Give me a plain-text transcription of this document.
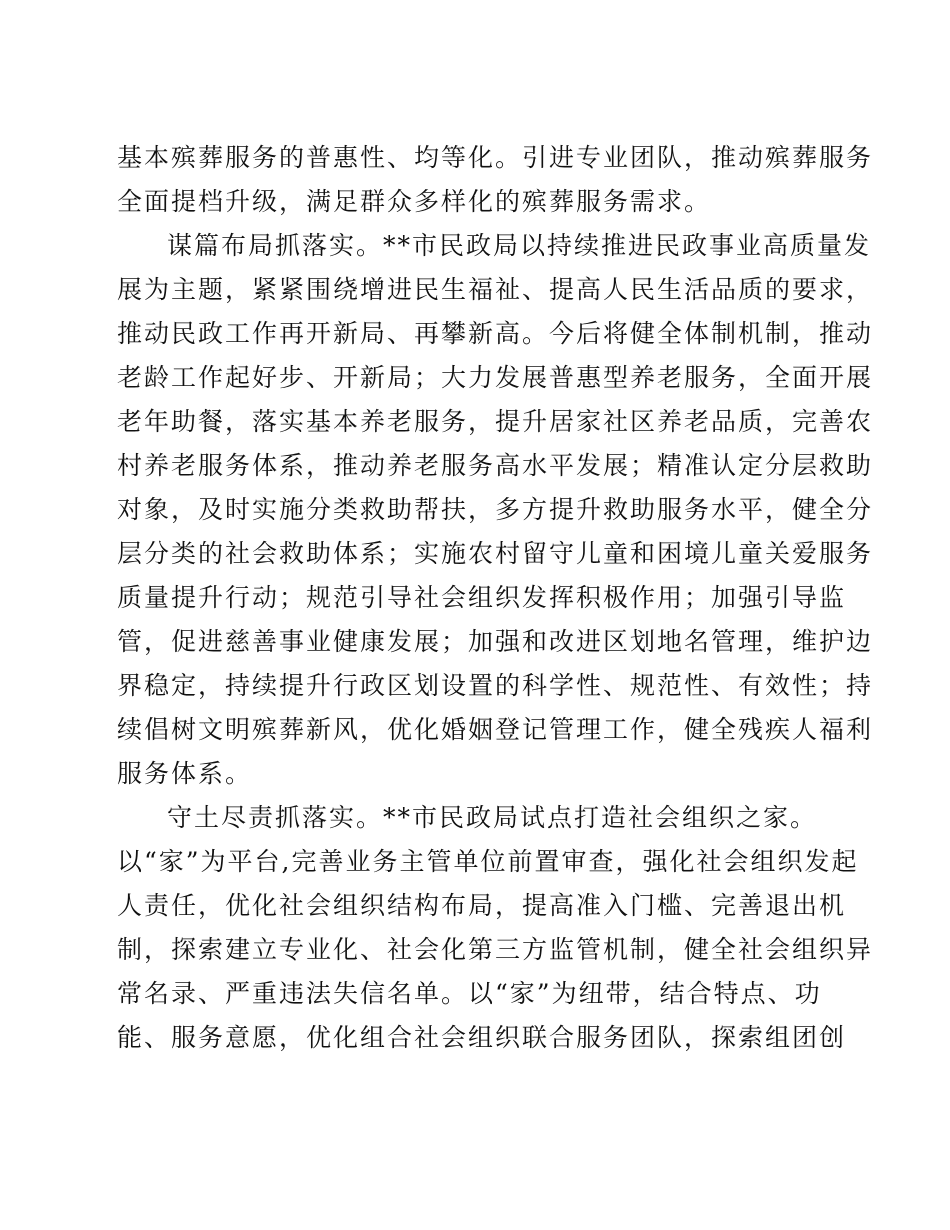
基本殡葬服务的普惠性、均等化。引进专业团队，推动殡葬服务

全面提档升级，满足群众多样化的殡葬服务需求。

谋篇布局抓落实。**市民政局以持续推进民政事业高质量发

展为主题，紧紧围绕增进民生福祉、提高人民生活品质的要求，

推动民政工作再开新局、再攀新高。今后将健全体制机制，推动

老龄工作起好步、开新局；大力发展普惠型养老服务，全面开展

老年助餐，落实基本养老服务，提升居家社区养老品质，完善农

村养老服务体系，推动养老服务高水平发展；精准认定分层救助

对象，及时实施分类救助帮扶，多方提升救助服务水平，健全分

层分类的社会救助体系；实施农村留守儿童和困境儿童关爱服务

质量提升行动；规范引导社会组织发挥积极作用；加强引导监

管，促进慈善事业健康发展；加强和改进区划地名管理，维护边

界稳定，持续提升行政区划设置的科学性、规范性、有效性；持

续倡树文明殡葬新风，优化婚姻登记管理工作，健全残疾人福利

服务体系。

守土尽责抓落实。**市民政局试点打造社会组织之家。

以“家”为平台,完善业务主管单位前置审查，强化社会组织发起

人责任，优化社会组织结构布局，提高准入门槛、完善退出机

制，探索建立专业化、社会化第三方监管机制，健全社会组织异

常名录、严重违法失信名单。以“家”为纽带，结合特点、功

能、服务意愿，优化组合社会组织联合服务团队，探索组团创
